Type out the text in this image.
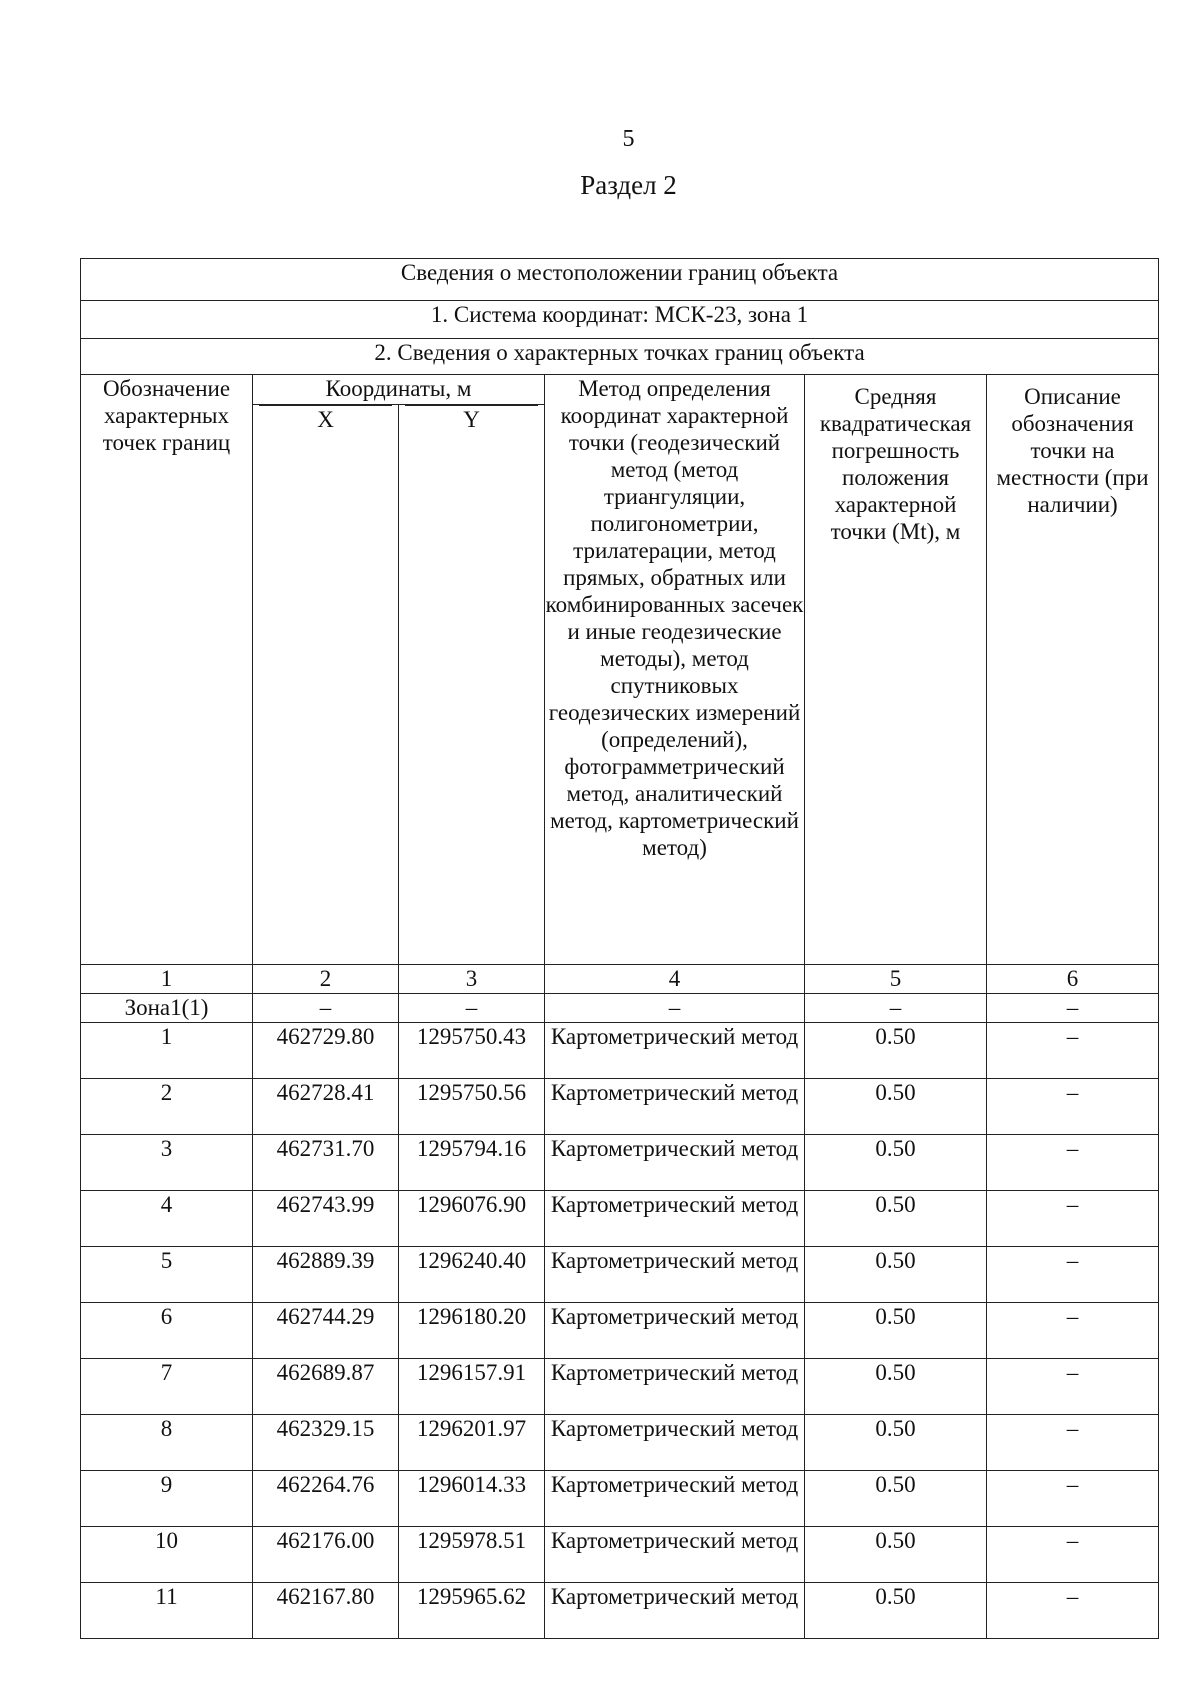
5
Раздел 2
Сведения о местоположении границ объекта					
1. Система координат: МСК-23, зона 1					
2. Сведения о характерных точках границ объекта					
Обозначение характерных точек границ	Координаты, м		Метод определения координат характерной точки (геодезический метод (метод триангуляции, полигонометрии, трилатерации, метод прямых, обратных или комбинированных засечек и иные геодезические методы), метод спутниковых геодезических измерений (определений), фотограмметрический метод, аналитический метод, картометрический метод)	Средняя квадратическая погрешность положения характерной точки (Mt), м	Описание обозначения точки на местности (при наличии)

	X	Y			

1	2	3	4	5	6
Зона1(1)	–	–	–	–	–
1	462729.80	1295750.43	Картометрический метод	0.50	–
2	462728.41	1295750.56	Картометрический метод	0.50	–
3	462731.70	1295794.16	Картометрический метод	0.50	–
4	462743.99	1296076.90	Картометрический метод	0.50	–
5	462889.39	1296240.40	Картометрический метод	0.50	–
6	462744.29	1296180.20	Картометрический метод	0.50	–
7	462689.87	1296157.91	Картометрический метод	0.50	–
8	462329.15	1296201.97	Картометрический метод	0.50	–
9	462264.76	1296014.33	Картометрический метод	0.50	–
10	462176.00	1295978.51	Картометрический метод	0.50	–
11	462167.80	1295965.62	Картометрический метод	0.50	–
